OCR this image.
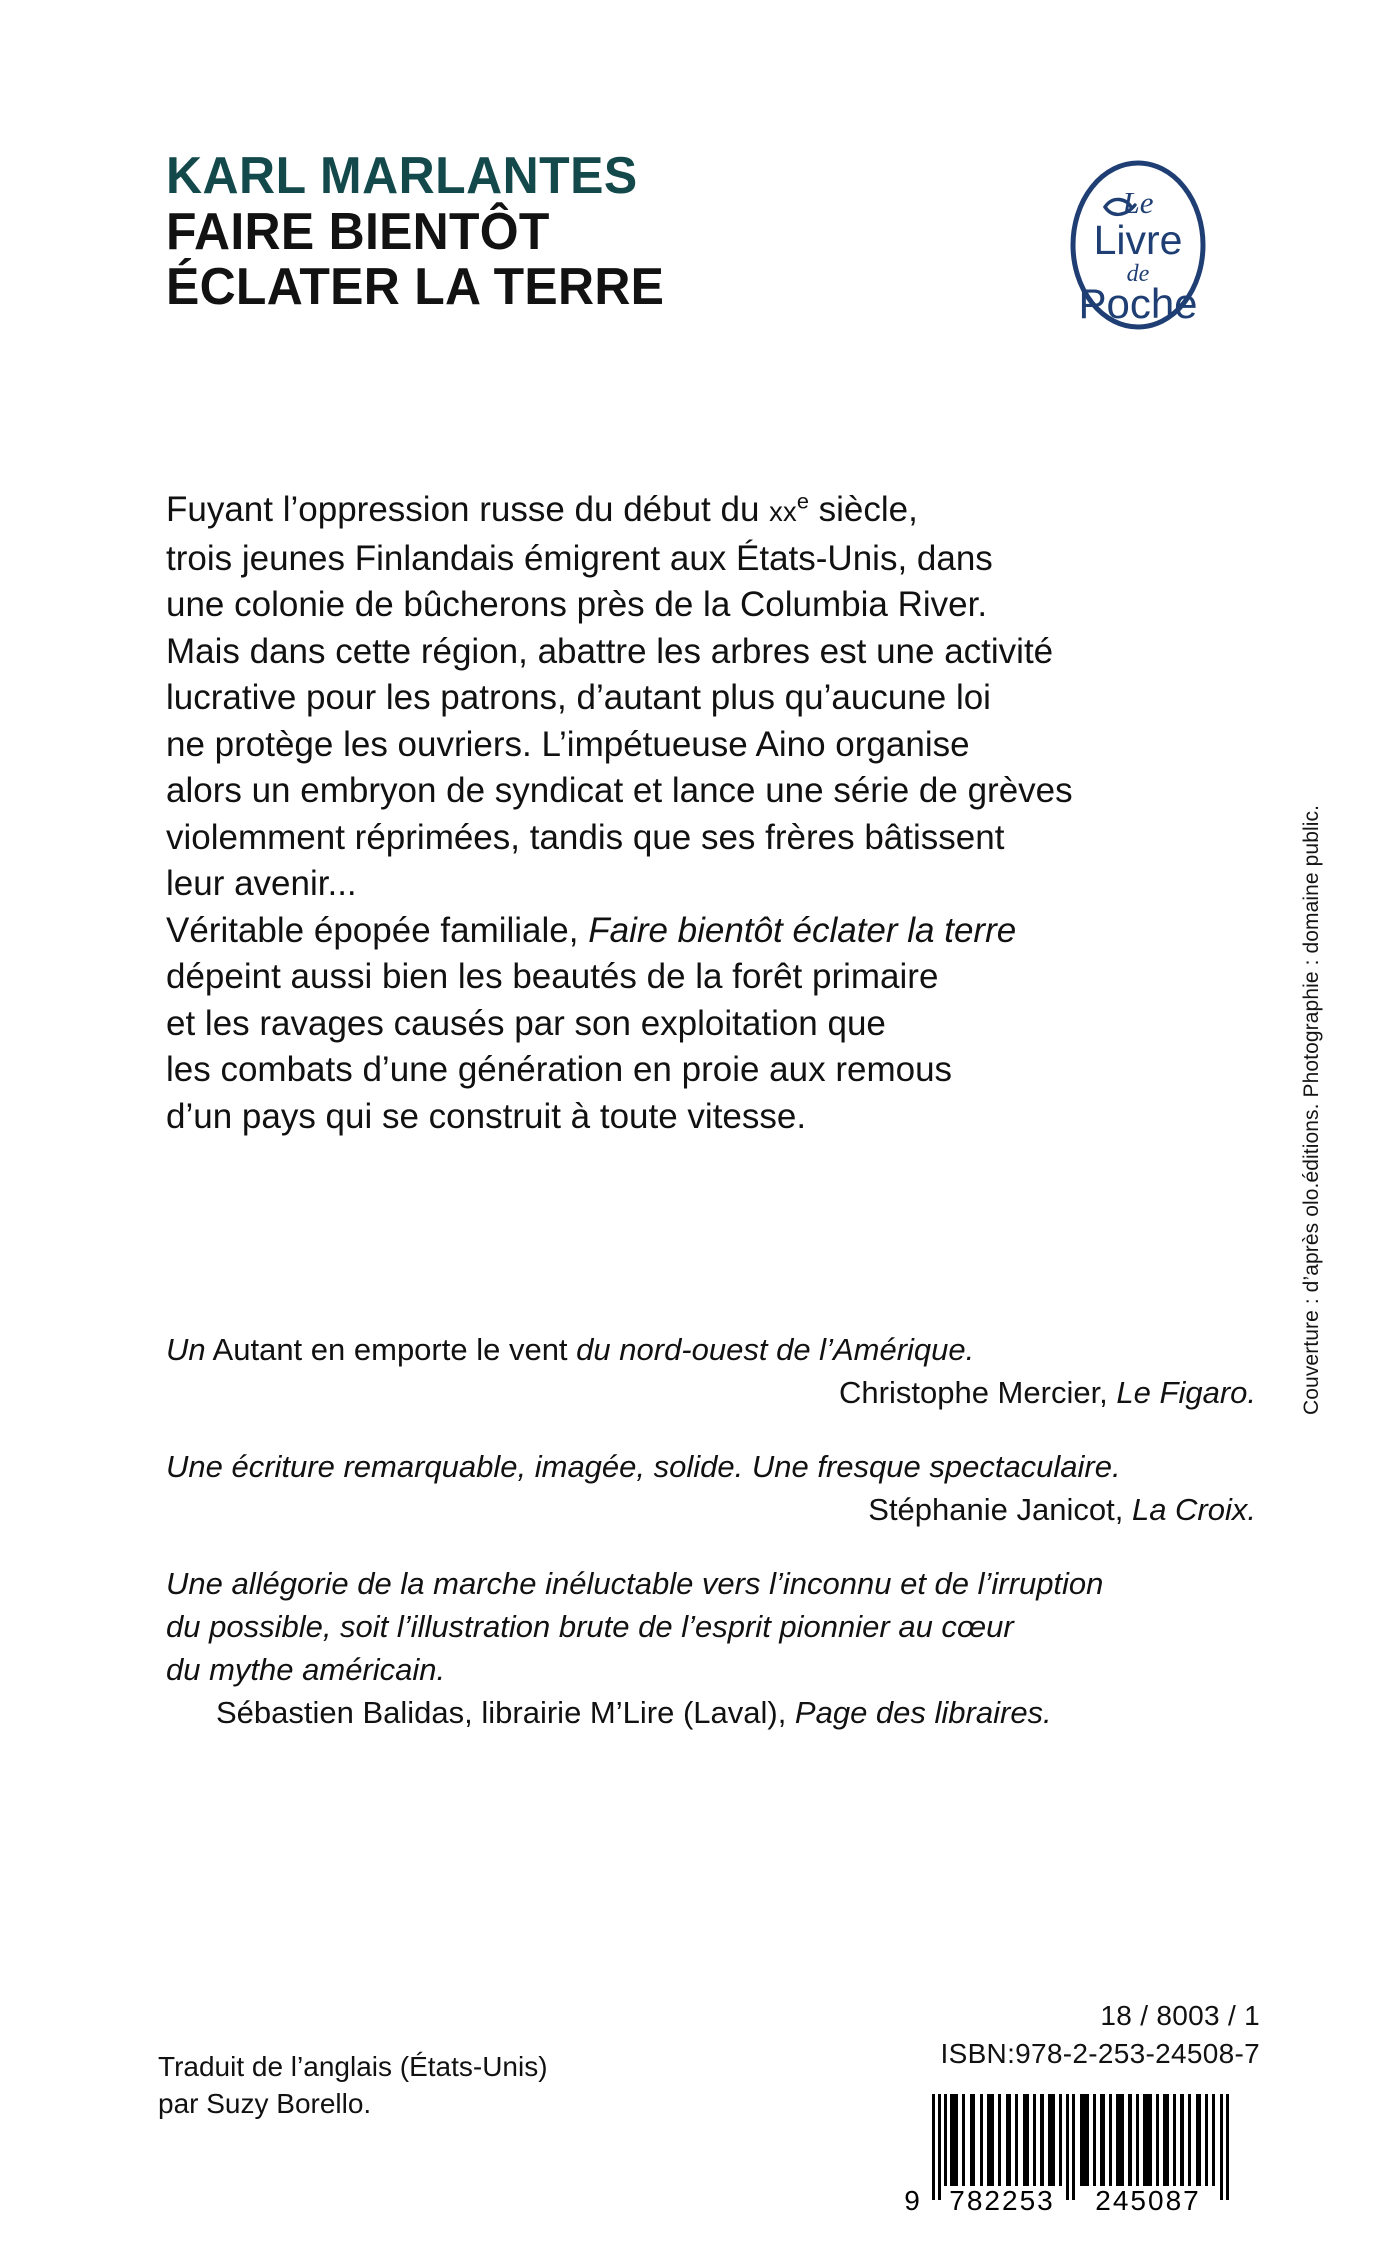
KARL MARLANTES
FAIRE BIENTÔT
ÉCLATER LA TERRE
Le
Livre
de
Poche

Fuyant l’oppression russe du début du $xx^e$ siècle,
trois jeunes Finlandais émigrent aux États-Unis, dans
une colonie de bûcherons près de la Columbia River.
Mais dans cette région, abattre les arbres est une activité
lucrative pour les patrons, d’autant plus qu’aucune loi
ne protège les ouvriers. L’impétueuse Aino organise
alors un embryon de syndicat et lance une série de grèves
violemment réprimées, tandis que ses frères bâtissent
leur avenir...

Véritable épopée familiale, Faire bientôt éclater la terre
dépeint aussi bien les beautés de la forêt primaire
et les ravages causés par son exploitation que
les combats d’une génération en proie aux remous
d’un pays qui se construit à toute vitesse.

Un Autant en emporte le vent du nord-ouest de l’Amérique.
Christophe Mercier, Le Figaro.
Une écriture remarquable, imagée, solide. Une fresque spectaculaire.
Stéphanie Janicot, La Croix.
Une allégorie de la marche inéluctable vers l’inconnu et de l’irruption
du possible, soit l’illustration brute de l’esprit pionnier au cœur
du mythe américain.
Sébastien Balidas, librairie M’Lire (Laval), Page des libraires.
Couverture : d’après olo.éditions. Photographie : domaine public.
Traduit de l’anglais (États-Unis)
par Suzy Borello.
18 / 8003 / 1
ISBN:978-2-253-24508-7
9 782253 245087
